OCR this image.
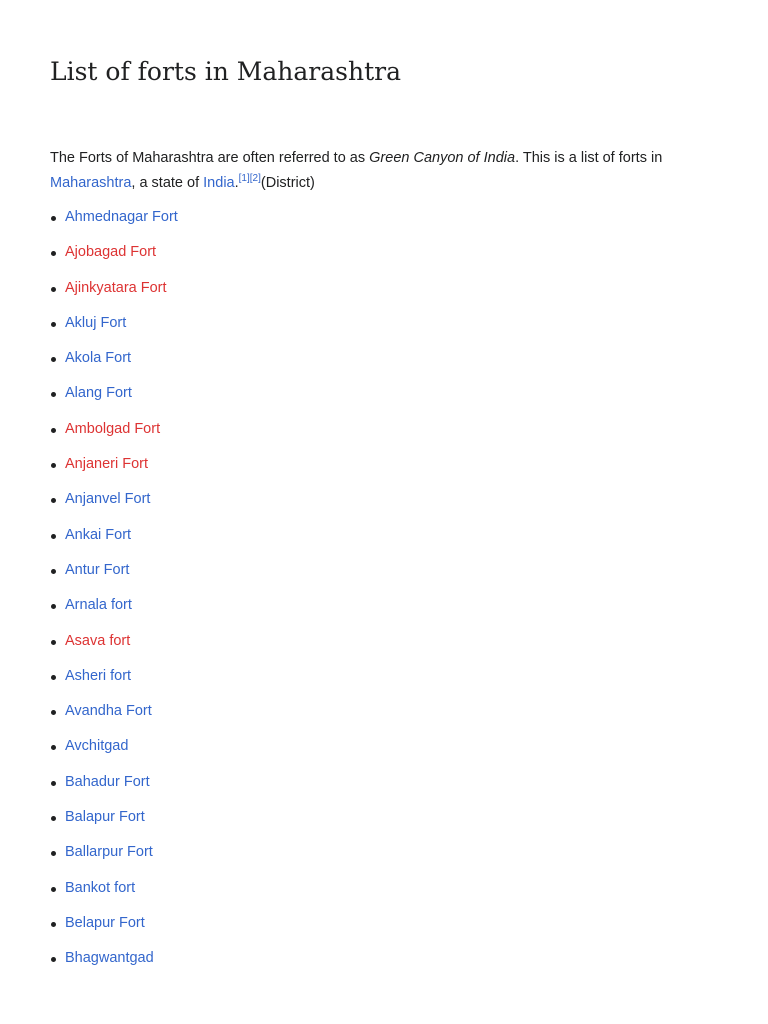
List of forts in Maharashtra

The Forts of Maharashtra are often referred to as Green Canyon of India. This is a list of forts in
Maharashtra, a state of India.[1][2](District)

Ahmednagar Fort
Ajobagad Fort
Ajinkyatara Fort
Akluj Fort
Akola Fort
Alang Fort
Ambolgad Fort
Anjaneri Fort
Anjanvel Fort
Ankai Fort
Antur Fort
Arnala fort
Asava fort
Asheri fort
Avandha Fort
Avchitgad
Bahadur Fort
Balapur Fort
Ballarpur Fort
Bankot fort
Belapur Fort
Bhagwantgad
